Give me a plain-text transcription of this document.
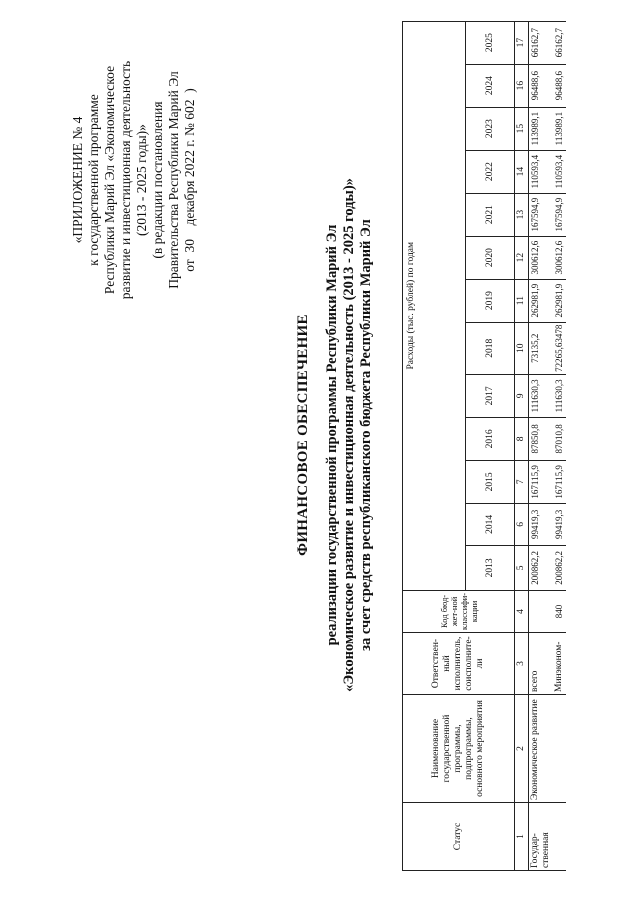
«ПРИЛОЖЕНИЕ № 4 к государственной программе Республики Марий Эл «Экономическое развитие и инвестиционная деятельность (2013 - 2025 годы)» (в редакции постановления Правительства Республики Марий Эл от  30    декабря 2022 г. № 602  )
ФИНАНСОВОЕ ОБЕСПЕЧЕНИЕ реализации государственной программы Республики Марий Эл «Экономическое развитие и инвестиционная деятельность (2013 - 2025 годы)» за счет средств республиканского бюджета Республики Марий Эл
Статус	Наименование государственной программы, подпрограммы, основного мероприятия	Ответствен-ный исполнитель, соисполните-ли	Код бюд-жет-ной классифи-кации	Расходы (тыс. рублей) по годам												
				2013	2014	2015	2016	2017	2018	2019	2020	2021	2022	2023	2024	2025
1	2	3	4	5	6	7	8	9	10	11	12	13	14	15	16	17
Государ-ственная	Экономическое развитие	всего		200862,2	99419,3	167115,9	87850,8	111630,3	73135,2	262981,9	300612,6	167594,9	110593,4	113989,1	96488,6	66162,7
		Минэконом-	840	200862,2	99419,3	167115,9	87010,8	111630,3	72265,63478	262981,9	300612,6	167594,9	110593,4	113989,1	96488,6	66162,7
